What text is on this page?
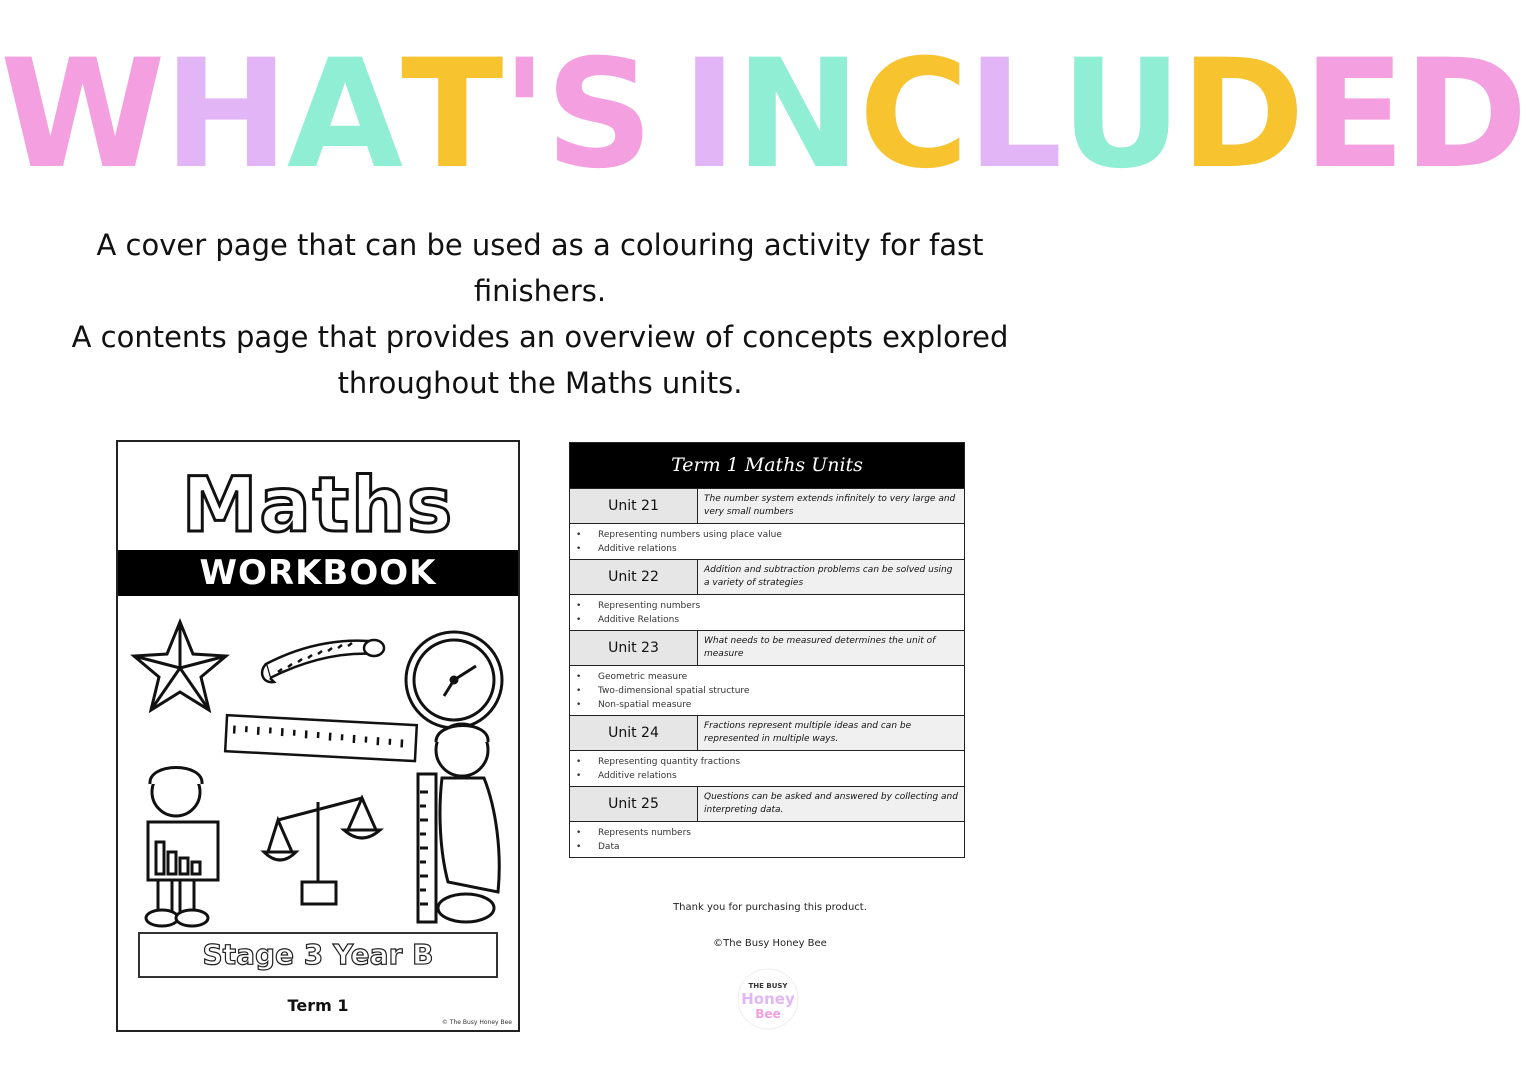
WHAT'S INCLUDED

A cover page that can be used as a colouring activity for fast finishers.

A contents page that provides an overview of concepts explored throughout the Maths units.

Maths
WORKBOOK
Stage 3 Year B
Term 1
© The Busy Honey Bee
Term 1 Maths Units
Unit 21	The number system extends infinitely to very large and very small numbers
•	Representing numbers using place value
•	Additive relations
Unit 22	Addition and subtraction problems can be solved using a variety of strategies
•	Representing numbers
•	Additive Relations
Unit 23	What needs to be measured determines the unit of measure
•	Geometric measure
•	Two-dimensional spatial structure
•	Non-spatial measure
Unit 24	Fractions represent multiple ideas and can be represented in multiple ways.
•	Representing quantity fractions
•	Additive relations
Unit 25	Questions can be asked and answered by collecting and interpreting data.
•	Represents numbers
•	Data
Thank you for purchasing this product.
©The Busy Honey Bee
THE BUSY
Honey
Bee
